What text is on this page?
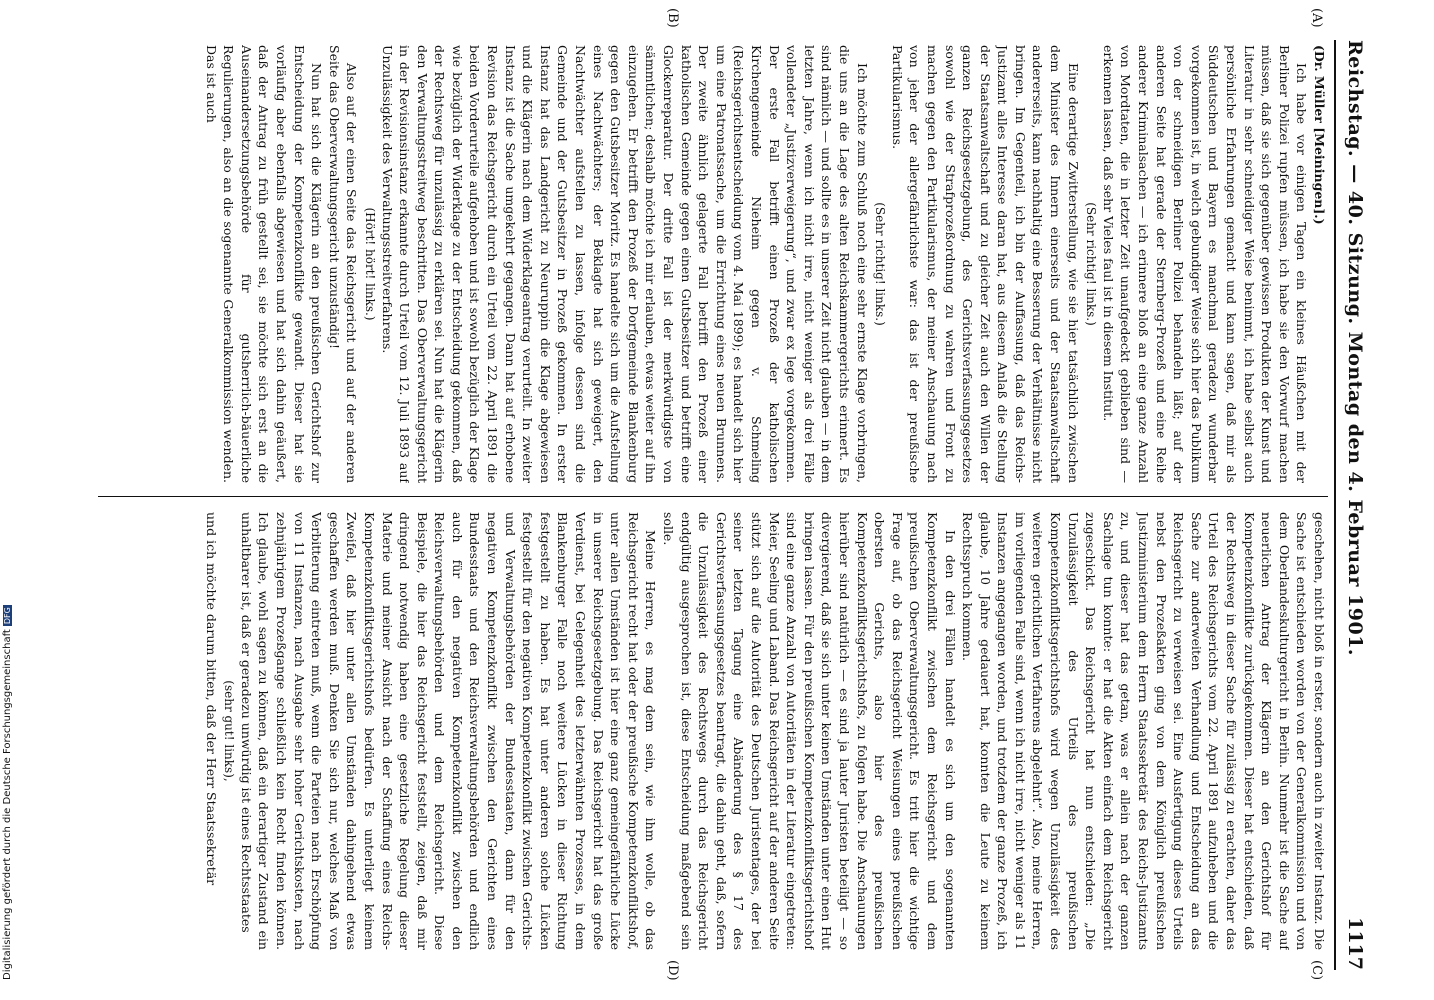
Reichstag. — 40. Sitzung. Montag den 4. Februar 1901.
1117
(A)
(B)
(C)
(D)

(Dr. Müller [Meiningen].)

Ich habe vor einigen Tagen ein kleines Häußchen mit der Berliner Polizei rupfen müssen, ich habe sie den Vorwurf machen müssen, daß sie sich gegenüber gewissen Produkten der Kunst und Literatur in sehr schneidiger Weise benimmt, ich habe selbst auch persönliche Erfahrungen gemacht und kann sagen, daß mir als Süddeutschen und Bayern es manchmal geradezu wunderbar vorgekommen ist, in welch gebundiger Weise sich hier das Publikum von der schneidigen Berliner Polizei behandeln läßt; auf der anderen Seite hat gerade der Sternberg-Prozeß und eine Reihe anderer Kriminalsachen — ich erinnere bloß an eine ganze Anzahl von Mordtaten, die in letzter Zeit unaufgedeckt geblieben sind — erkennen lassen, daß sehr Vieles faul ist in diesem Institut.

(Sehr richtig! links.)

Eine derartige Zwitterstellung, wie sie hier tatsächlich zwischen dem Minister des Innern einerseits und der Staatsanwaltschaft andererseits, kann nachhaltig eine Besserung der Verhältnisse nicht bringen. Im Gegenteil, ich bin der Auffassung, daß das Reichs-Justizamt alles Interesse daran hat, aus diesem Anlaß die Stellung der Staatsanwaltschaft und zu gleicher Zeit auch den Willen der ganzen Reichsgesetzgebung, des Gerichtsverfassungsgesetzes sowohl wie der Strafprozeßordnung zu wahren und Front zu machen gegen den Partikularismus, der meiner Anschauung nach von jeher der allergefährlichste war: das ist der preußische Partikularismus.

(Sehr richtig! links.)

Ich möchte zum Schluß noch eine sehr ernste Klage vorbringen, die uns an die Lage des alten Reichskammergerichts erinnert. Es sind nämlich — und sollte es in unserer Zeit nicht glauben — in dem letzten Jahre, wenn ich nicht irre, nicht weniger als drei Fälle vollendeter „Justizverweigerung“, und zwar ex lege vorgekommen. Der erste Fall betrifft einen Prozeß der katholischen Kirchengemeinde Nieheim gegen v. Schmeling (Reichsgerichtsentscheidung vom 4. Mai 1899); es handelt sich hier um eine Patronatssache, um die Errichtung eines neuen Brunnens. Der zweite ähnlich gelagerte Fall betrifft den Prozeß einer katholischen Gemeinde gegen einen Gutsbesitzer und betrifft eine Glockenreparatur. Der dritte Fall ist der merkwürdigste von sämmtlichen; deshalb möchte ich mir erlauben, etwas weiter auf ihn einzugehen. Er betrifft den Prozeß der Dorfgemeinde Blankenburg gegen den Gutsbesitzer Moritz. Es handelte sich um die Aufstellung eines Nachtwächters; der Beklagte hat sich geweigert, den Nachtwächter aufstellen zu lassen, infolge dessen sind die Gemeinde und der Gutsbesitzer in Prozeß gekommen. In erster Instanz hat das Landgericht zu Neuruppin die Klage abgewiesen und die Klägerin nach dem Widerklageantrag verurteilt. In zweiter Instanz ist die Sache umgekehrt gegangen. Dann hat auf erhobene Revision das Reichsgericht durch ein Urteil vom 22. April 1891 die beiden Vorderurteile aufgehoben und ist sowohl bezüglich der Klage wie bezüglich der Widerklage zu der Entscheidung gekommen, daß der Rechtsweg für unzulässig zu erklären sei. Nun hat die Klägerin den Verwaltungsstreitweg beschritten. Das Oberverwaltungsgericht in der Revisionsinstanz erkannte durch Urteil vom 12. Juli 1893 auf Unzulässigkeit des Verwaltungsstreitverfahrens.

(Hört! hört! links.)

Also auf der einen Seite das Reichsgericht und auf der anderen Seite das Oberverwaltungsgericht unzuständig!

Nun hat sich die Klägerin an den preußischen Gerichtshof zur Entscheidung der Kompetenzkonflikte gewandt. Dieser hat sie vorläufig aber ebenfalls abgewiesen und hat sich dahin geäußert, daß der Antrag zu früh gestellt sei, sie möchte sich erst an die Auseinandersetzungsbehörde für gutsherrlich-bäuerliche Regulierungen, also an die sogenannte Generalkommission wenden. Das ist auch

geschehen, nicht bloß in erster, sondern auch in zweiter Instanz. Die Sache ist entschieden worden von der Generalkommission und von dem Oberlandeskulturgericht in Berlin. Nunmehr ist die Sache auf neuerlichen Antrag der Klägerin an den Gerichtshof für Kompetenzkonflikte zurückgekommen. Dieser hat entschieden, daß der Rechtsweg in dieser Sache für zulässig zu erachten, daher das Urteil des Reichsgerichts vom 22. April 1891 aufzuheben und die Sache zur anderweiten Verhandlung und Entscheidung an das Reichsgericht zu verweisen sei. Eine Ausfertigung dieses Urteils nebst den Prozeßakten ging von dem Königlich preußischen Justizministerium dem Herrn Staatssekretär des Reichs-Justizamts zu, und dieser hat das getan, was er allein nach der ganzen Sachlage tun konnte: er hat die Akten einfach dem Reichsgericht zugeschickt. Das Reichsgericht hat nun entschieden: „Die Unzulässigkeit des Urteils des preußischen Kompetenzkonfliktsgerichtshofs wird wegen Unzulässigkeit des weiteren gerichtlichen Verfahrens abgelehnt“. Also, meine Herren, im vorliegenden Falle sind, wenn ich nicht irre, nicht weniger als 11 Instanzen angegangen worden, und trotzdem der ganze Prozeß, ich glaube, 10 Jahre gedauert hat, konnten die Leute zu keinem Rechtsspruch kommen.

In den drei Fällen handelt es sich um den sogenannten Kompetenzkonflikt zwischen dem Reichsgericht und dem preußischen Oberverwaltungsgericht. Es tritt hier die wichtige Frage auf, ob das Reichsgericht Weisungen eines preußischen obersten Gerichts, also hier des preußischen Kompetenzkonfliktsgerichtshofs, zu folgen habe. Die Anschauungen hierüber sind natürlich — es sind ja lauter Juristen beteiligt — so divergierend, daß sie sich unter keinen Umständen unter einen Hut bringen lassen. Für den preußischen Kompetenzkonfliktsgerichtshof sind eine ganze Anzahl von Autoritäten in der Literatur eingetreten: Meier, Seeling und Laband. Das Reichsgericht auf der anderen Seite stützt sich auf die Autorität des Deutschen Juristentages, der bei seiner letzten Tagung eine Abänderung des § 17 des Gerichtsverfassungsgesetzes beantragt, die dahin geht, daß, sofern die Unzulässigkeit des Rechtswegs durch das Reichsgericht endgültig ausgesprochen ist, diese Entscheidung maßgebend sein solle.

Meine Herren, es mag dem sein, wie ihm wolle, ob das Reichsgericht recht hat oder der preußische Kompetenzkonfliktshof, unter allen Umständen ist hier eine ganz gemeingefährliche Lücke in unserer Reichsgesetzgebung. Das Reichsgericht hat das große Verdienst, bei Gelegenheit des letzterwähnten Prozesses, in dem Blankenburger Falle noch weitere Lücken in dieser Richtung festgestellt zu haben. Es hat unter anderen solche Lücken festgestellt für den negativen Kompetenzkonflikt zwischen Gerichts- und Verwaltungsbehörden der Bundesstaaten, dann für den negativen Kompetenzkonflikt zwischen den Gerichten eines Bundesstaats und den Reichsverwaltungsbehörden und endlich auch für den negativen Kompetenzkonflikt zwischen den Reichsverwaltungsbehörden und dem Reichsgericht. Diese Beispiele, die hier das Reichsgericht feststellt, zeigen, daß mir dringend notwendig haben eine gesetzliche Regelung dieser Materie und meiner Ansicht nach der Schaffung eines Reichs-Kompetenzkonfliktsgerichtshofs bedürfen. Es unterliegt keinem Zweifel, daß hier unter allen Umständen dahingehend etwas geschaffen werden muß. Denken Sie sich nur, welches Maß von Verbitterung eintreten muß, wenn die Parteien nach Erschöpfung von 11 Instanzen, nach Ausgabe sehr hoher Gerichtskosten, nach zehnjährigem Prozeßgange schließlich kein Recht finden können. Ich glaube, wohl sagen zu können, daß ein derartiger Zustand ein unhaltbarer ist, daß er geradezu unwürdig ist eines Rechtsstaates

(sehr gut! links),

und ich möchte darum bitten, daß der Herr Staatssekretär

Digitalisierung gefördert durch die Deutsche ForschungsgemeinschaftDFG
